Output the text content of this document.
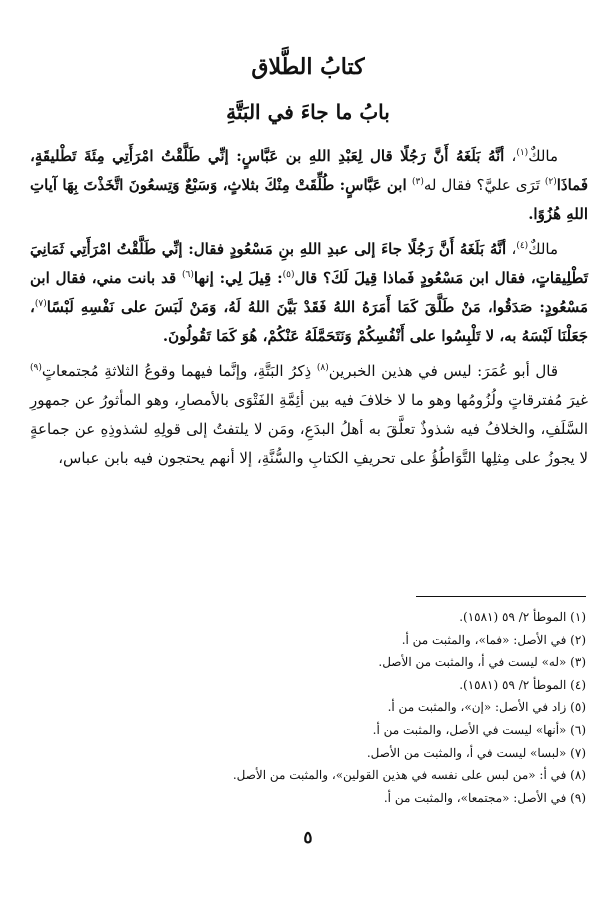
كتابُ الطَّلاق
بابُ ما جاءَ في البَتَّةِ

مالكٌ$^{(١)}$، أنَّهُ بَلَغَهُ أَنَّ رَجُلًا قال لِعَبْدِ اللهِ بن عَبَّاسٍ: إنِّي طَلَّقْتُ امْرَأَتِي مِئَةَ تَطْليقَةٍ، فَماذَا$^{(٢)}$ تَرَى عليَّ؟ فقال له$^{(٣)}$ ابن عَبَّاسٍ: طُلِّقَتْ مِنْكَ بثلاثٍ، وَسَبْعٌ وَتِسعُونَ اتَّخَذْتَ بِهَا آياتِ اللهِ هُزُوًا.

مالكٌ$^{(٤)}$، أنَّهُ بَلَغَهُ أَنَّ رَجُلًا جاءَ إلى عبدِ اللهِ بنِ مَسْعُودٍ فقال: إنِّي طَلَّقْتُ امْرَأَتِي ثَمَانِيَ تَطْلِيقاتٍ، فقال ابن مَسْعُودٍ فَماذا قِيلَ لَكَ؟ قال$^{(٥)}$: قِيلَ لِي: إنها$^{(٦)}$ قد بانت مني، فقال ابن مَسْعُودٍ: صَدَقُوا، مَنْ طَلَّقَ كَمَا أَمَرَهُ اللهُ فَقَدْ بَيَّنَ اللهُ لَهُ، وَمَنْ لَبَسَ على نَفْسِهِ لَبْسًا$^{(٧)}$، جَعَلْنَا لَبْسَهُ به، لا تَلْبِسُوا على أَنْفُسِكُمْ وَنَتَحَمَّلَهُ عَنْكُمْ، هُوَ كَمَا تَقُولُونَ.

قال أبو عُمَرَ: ليس في هذين الخبرين$^{(٨)}$ ذِكرُ البَتَّةِ، وإنَّما فيهما وقوعُ الثلاثةِ مُجتمعاتٍ$^{(٩)}$ غيرَ مُفترقاتٍ ولُزُومُها وهو ما لا خلافَ فيه بين أئِمَّةِ الفَتْوَى بالأمصارِ، وهو المأثورُ عن جمهورِ السَّلَفِ، والخلافُ فيه شذوذٌ تعلَّقَ به أهلُ البدَعِ، ومَن لا يلتفتُ إلى قولِهِ لشذوذِهِ عن جماعةٍ لا يجوزُ على مِثلِها التَّوَاطُؤُ على تحريفِ الكتابِ والسُّنَّةِ، إلا أنهم يحتجون فيه بابن عباس،

(١) الموطأ ٢/ ٥٩ (١٥٨١).
(٢) في الأصل: «فما»، والمثبت من أ.
(٣) «له» ليست في أ، والمثبت من الأصل.
(٤) الموطأ ٢/ ٥٩ (١٥٨١).
(٥) زاد في الأصل: «إن»، والمثبت من أ.
(٦) «أنها» ليست في الأصل، والمثبت من أ.
(٧) «لبسا» ليست في أ، والمثبت من الأصل.
(٨) في أ: «من لبس على نفسه في هذين القولين»، والمثبت من الأصل.
(٩) في الأصل: «مجتمعا»، والمثبت من أ.
٥
